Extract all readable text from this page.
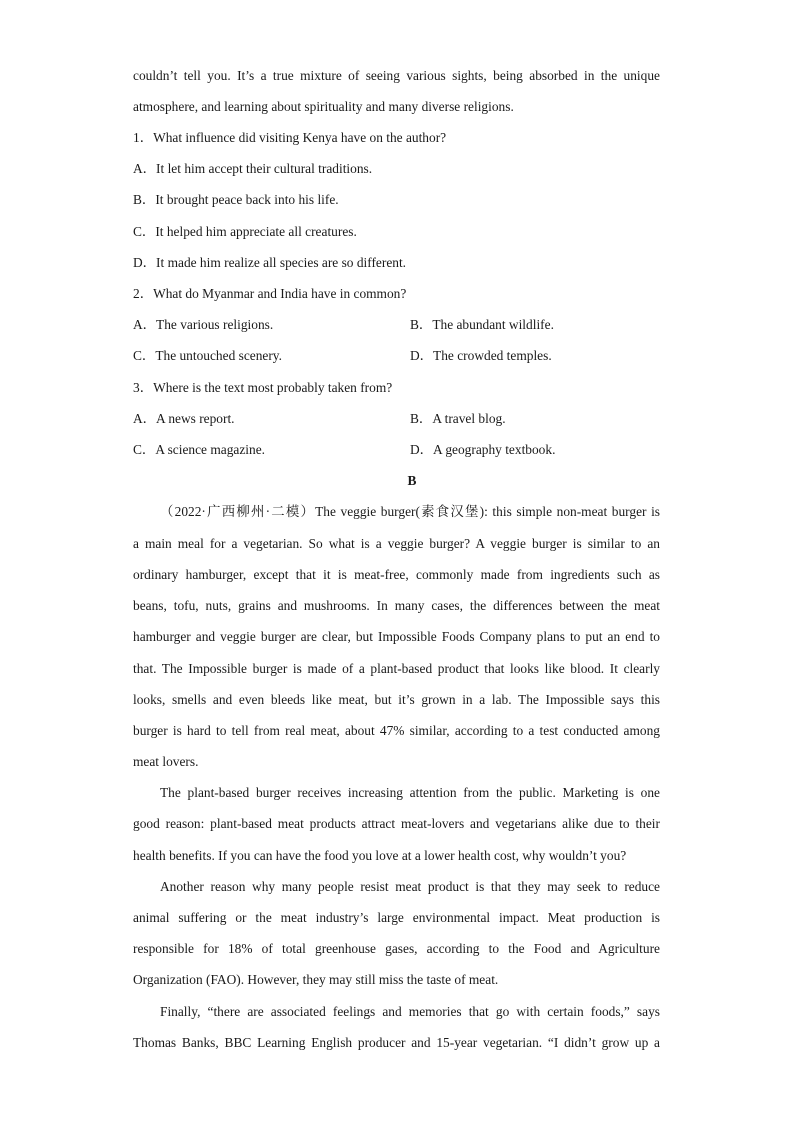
couldn’t tell you. It’s a true mixture of seeing various sights, being absorbed in the unique
atmosphere, and learning about spirituality and many diverse religions.
1．What influence did visiting Kenya have on the author?
A．It let him accept their cultural traditions.
B．It brought peace back into his life.
C．It helped him appreciate all creatures.
D．It made him realize all species are so different.
2．What do Myanmar and India have in common?
A．The various religions.	B．The abundant wildlife.
C．The untouched scenery.	D．The crowded temples.
3．Where is the text most probably taken from?
A．A news report.	B．A travel blog.
C．A science magazine.	D．A geography textbook.
B
（2022·广西柳州·二模）The veggie burger(素食汉堡): this simple non-meat burger is
a main meal for a vegetarian. So what is a veggie burger? A veggie burger is similar to an
ordinary hamburger, except that it is meat-free, commonly made from ingredients such as
beans, tofu, nuts, grains and mushrooms. In many cases, the differences between the meat
hamburger and veggie burger are clear, but Impossible Foods Company plans to put an end to
that. The Impossible burger is made of a plant-based product that looks like blood. It clearly
looks, smells and even bleeds like meat, but it’s grown in a lab. The Impossible says this
burger is hard to tell from real meat, about 47% similar, according to a test conducted among
meat lovers.
The plant-based burger receives increasing attention from the public. Marketing is one
good reason: plant-based meat products attract meat-lovers and vegetarians alike due to their
health benefits. If you can have the food you love at a lower health cost, why wouldn’t you?
Another reason why many people resist meat product is that they may seek to reduce
animal suffering or the meat industry’s large environmental impact. Meat production is
responsible for 18% of total greenhouse gases, according to the Food and Agriculture
Organization (FAO). However, they may still miss the taste of meat.
Finally, “there are associated feelings and memories that go with certain foods,” says
Thomas Banks, BBC Learning English producer and 15-year vegetarian. “I didn’t grow up a
